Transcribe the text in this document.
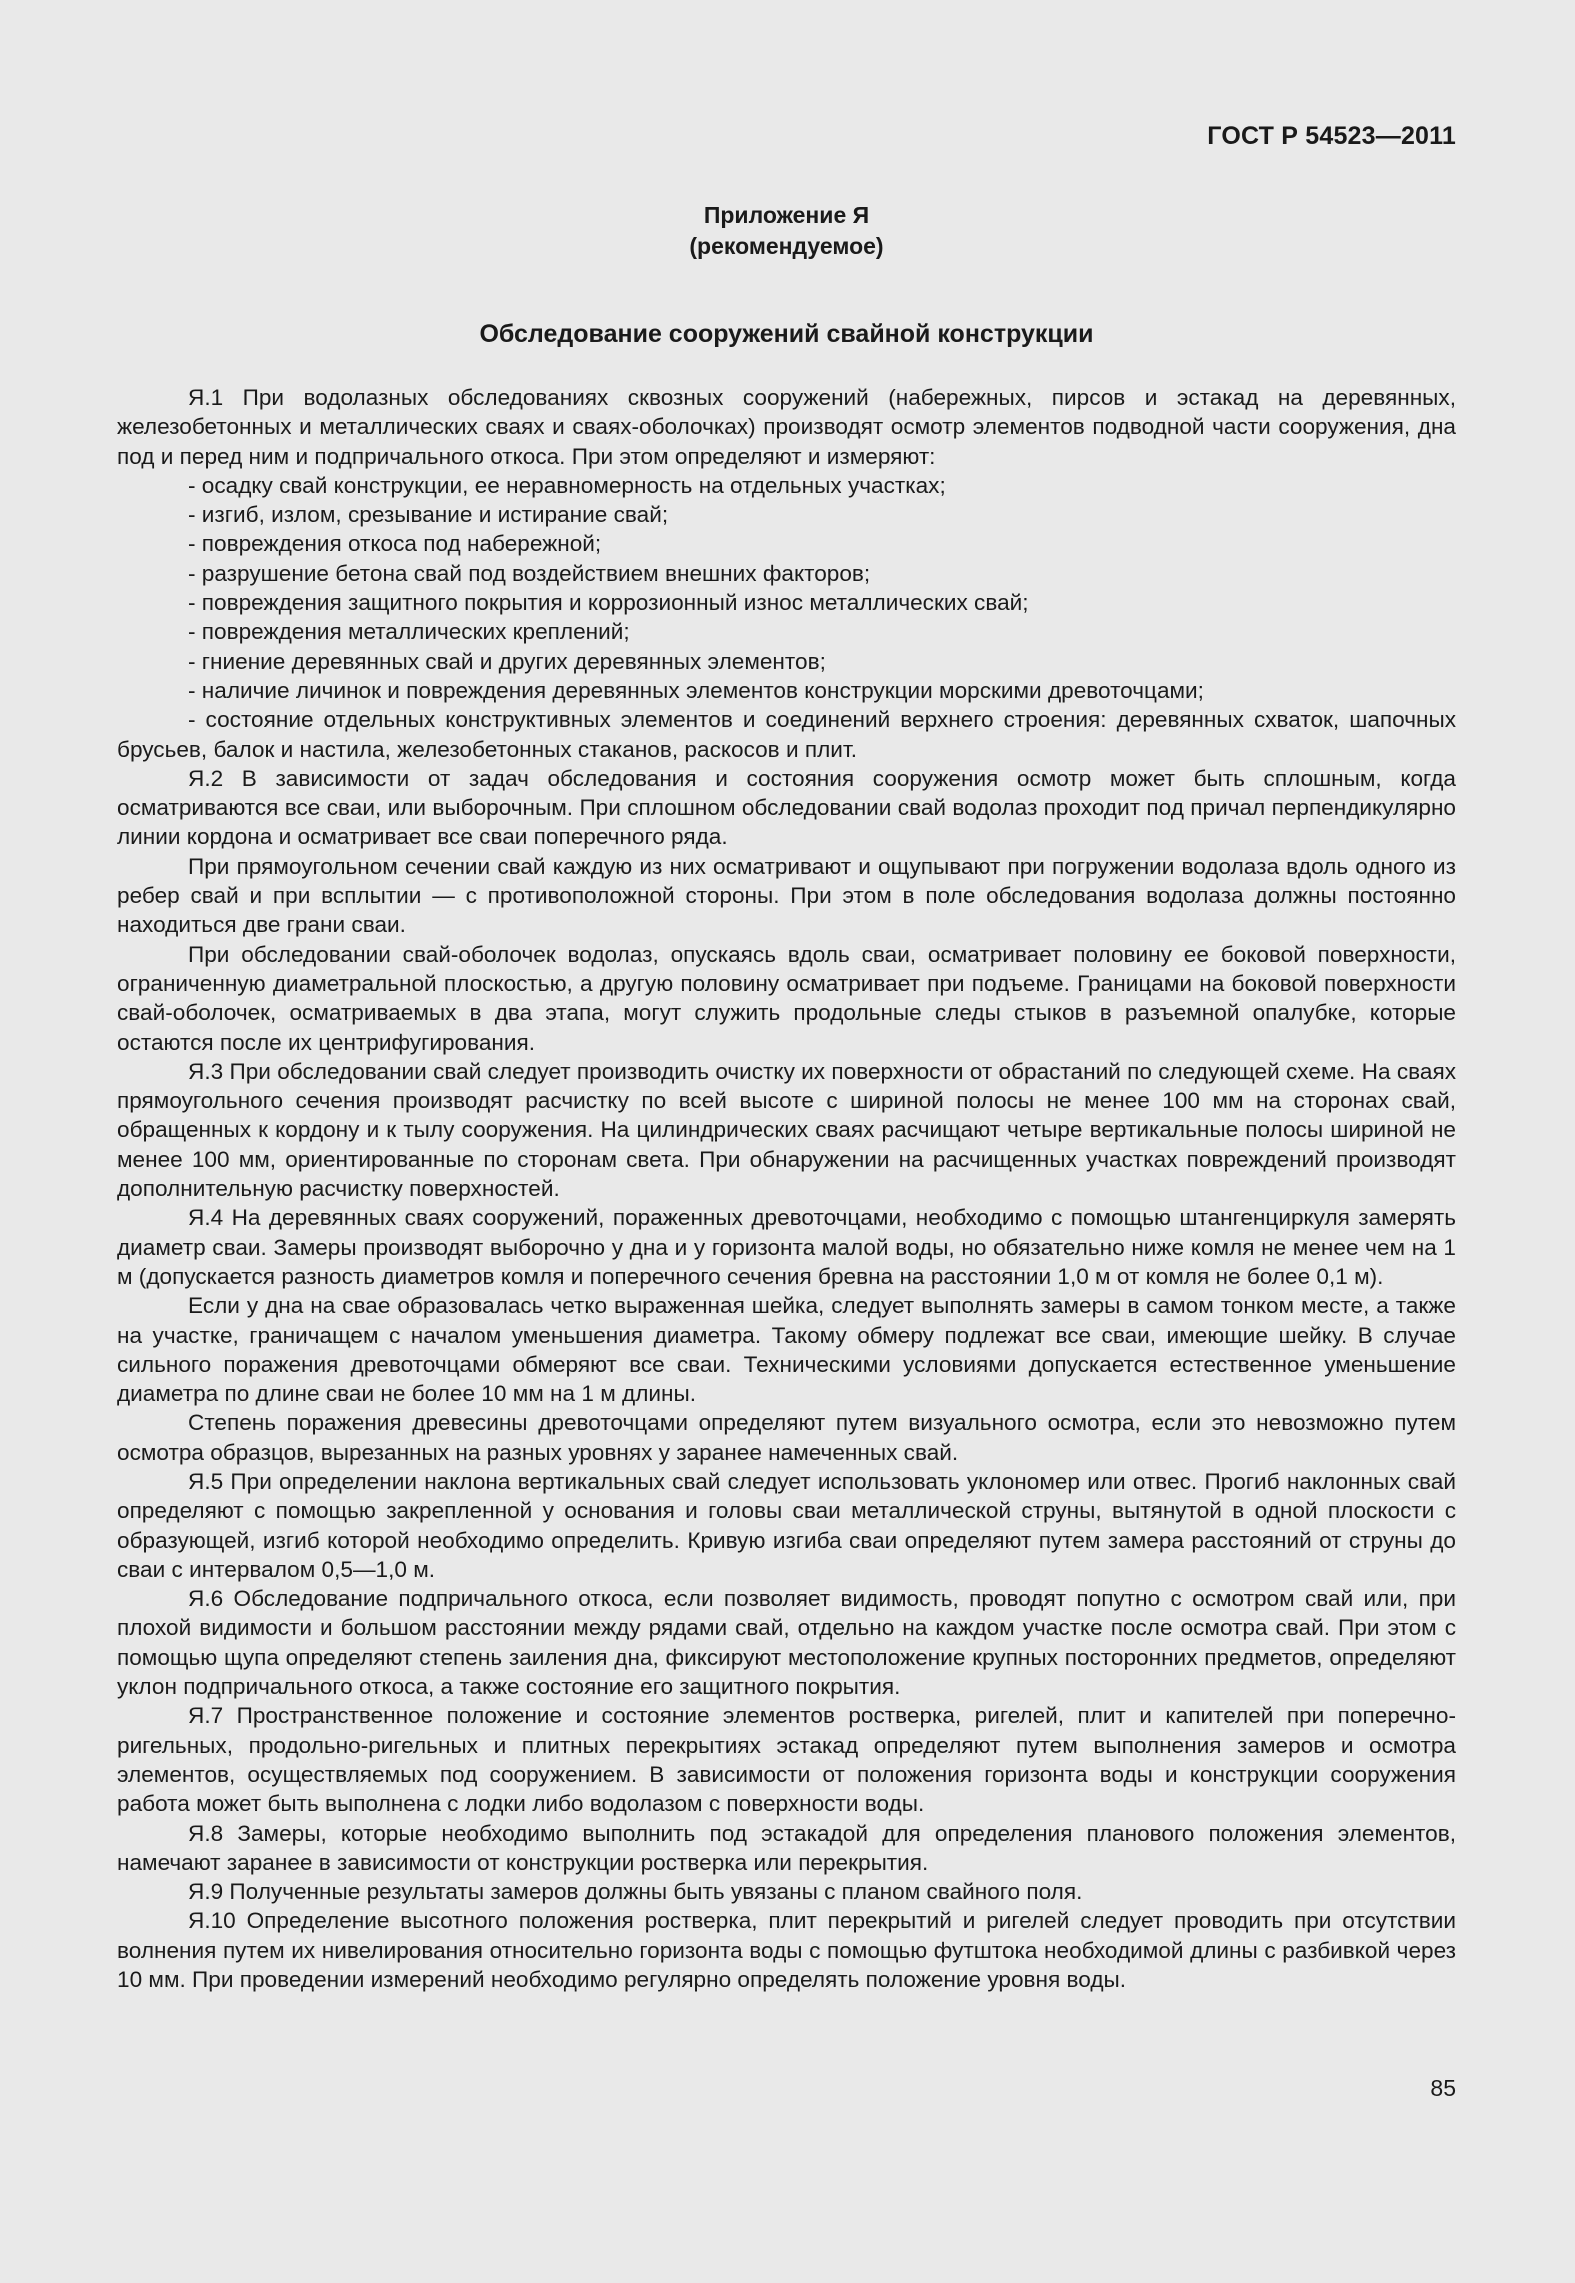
ГОСТ Р 54523—2011
Приложение Я
(рекомендуемое)
Обследование сооружений свайной конструкции

Я.1 При водолазных обследованиях сквозных сооружений (набережных, пирсов и эстакад на деревянных, железобетонных и металлических сваях и сваях-оболочках) производят осмотр элементов подводной части сооружения, дна под и перед ним и подпричального откоса. При этом определяют и измеряют:

- осадку свай конструкции, ее неравномерность на отдельных участках;

- изгиб, излом, срезывание и истирание свай;

- повреждения откоса под набережной;

- разрушение бетона свай под воздействием внешних факторов;

- повреждения защитного покрытия и коррозионный износ металлических свай;

- повреждения металлических креплений;

- гниение деревянных свай и других деревянных элементов;

- наличие личинок и повреждения деревянных элементов конструкции морскими древоточцами;

- состояние отдельных конструктивных элементов и соединений верхнего строения: деревянных схваток, шапочных брусьев, балок и настила, железобетонных стаканов, раскосов и плит.

Я.2 В зависимости от задач обследования и состояния сооружения осмотр может быть сплошным, когда осматриваются все сваи, или выборочным. При сплошном обследовании свай водолаз проходит под причал перпендикулярно линии кордона и осматривает все сваи поперечного ряда.

При прямоугольном сечении свай каждую из них осматривают и ощупывают при погружении водолаза вдоль одного из ребер свай и при всплытии — с противоположной стороны. При этом в поле обследования водолаза должны постоянно находиться две грани сваи.

При обследовании свай-оболочек водолаз, опускаясь вдоль сваи, осматривает половину ее боковой поверхности, ограниченную диаметральной плоскостью, а другую половину осматривает при подъеме. Границами на боковой поверхности свай-оболочек, осматриваемых в два этапа, могут служить продольные следы стыков в разъемной опалубке, которые остаются после их центрифугирования.

Я.3 При обследовании свай следует производить очистку их поверхности от обрастаний по следующей схеме. На сваях прямоугольного сечения производят расчистку по всей высоте с шириной полосы не менее 100 мм на сторонах свай, обращенных к кордону и к тылу сооружения. На цилиндрических сваях расчищают четыре вертикальные полосы шириной не менее 100 мм, ориентированные по сторонам света. При обнаружении на расчищенных участках повреждений производят дополнительную расчистку поверхностей.

Я.4 На деревянных сваях сооружений, пораженных древоточцами, необходимо с помощью штангенциркуля замерять диаметр сваи. Замеры производят выборочно у дна и у горизонта малой воды, но обязательно ниже комля не менее чем на 1 м (допускается разность диаметров комля и поперечного сечения бревна на расстоянии 1,0 м от комля не более 0,1 м).

Если у дна на свае образовалась четко выраженная шейка, следует выполнять замеры в самом тонком месте, а также на участке, граничащем с началом уменьшения диаметра. Такому обмеру подлежат все сваи, имеющие шейку. В случае сильного поражения древоточцами обмеряют все сваи. Техническими условиями допускается естественное уменьшение диаметра по длине сваи не более 10 мм на 1 м длины.

Степень поражения древесины древоточцами определяют путем визуального осмотра, если это невозможно путем осмотра образцов, вырезанных на разных уровнях у заранее намеченных свай.

Я.5 При определении наклона вертикальных свай следует использовать уклономер или отвес. Прогиб наклонных свай определяют с помощью закрепленной у основания и головы сваи металлической струны, вытянутой в одной плоскости с образующей, изгиб которой необходимо определить. Кривую изгиба сваи определяют путем замера расстояний от струны до сваи с интервалом 0,5—1,0 м.

Я.6 Обследование подпричального откоса, если позволяет видимость, проводят попутно с осмотром свай или, при плохой видимости и большом расстоянии между рядами свай, отдельно на каждом участке после осмотра свай. При этом с помощью щупа определяют степень заиления дна, фиксируют местоположение крупных посторонних предметов, определяют уклон подпричального откоса, а также состояние его защитного покрытия.

Я.7 Пространственное положение и состояние элементов ростверка, ригелей, плит и капителей при поперечно-ригельных, продольно-ригельных и плитных перекрытиях эстакад определяют путем выполнения замеров и осмотра элементов, осуществляемых под сооружением. В зависимости от положения горизонта воды и конструкции сооружения работа может быть выполнена с лодки либо водолазом с поверхности воды.

Я.8 Замеры, которые необходимо выполнить под эстакадой для определения планового положения элементов, намечают заранее в зависимости от конструкции ростверка или перекрытия.

Я.9 Полученные результаты замеров должны быть увязаны с планом свайного поля.

Я.10 Определение высотного положения ростверка, плит перекрытий и ригелей следует проводить при отсутствии волнения путем их нивелирования относительно горизонта воды с помощью футштока необходимой длины с разбивкой через 10 мм. При проведении измерений необходимо регулярно определять положение уровня воды.

85
